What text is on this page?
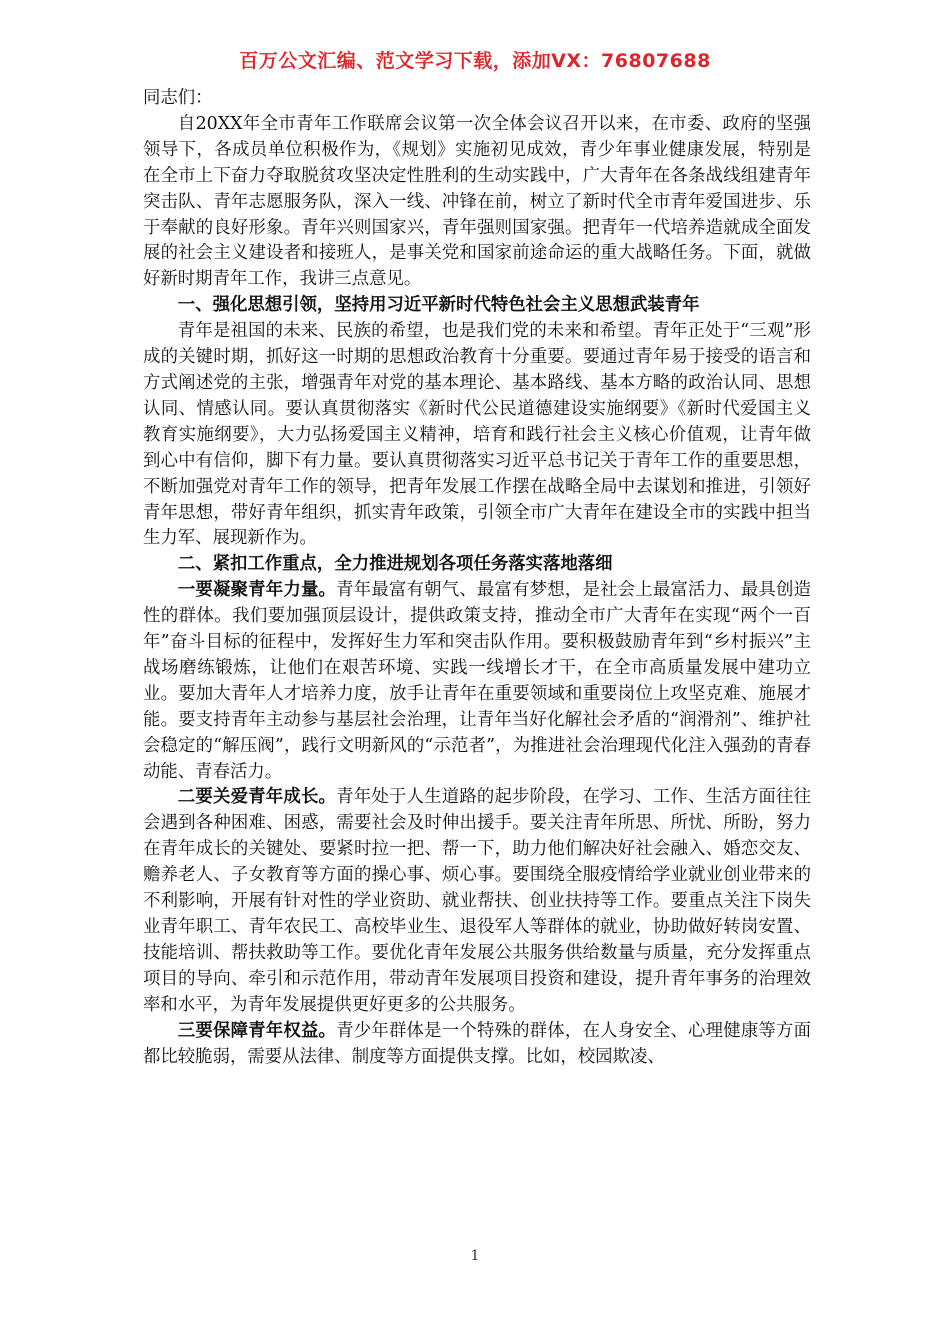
百万公文汇编、范文学习下载，添加VX：76807688

同志们：

自20XX年全市青年工作联席会议第一次全体会议召开以来，在市委、政府的坚强领导下，各成员单位积极作为，《规划》实施初见成效，青少年事业健康发展，特别是在全市上下奋力夺取脱贫攻坚决定性胜利的生动实践中，广大青年在各条战线组建青年突击队、青年志愿服务队，深入一线、冲锋在前，树立了新时代全市青年爱国进步、乐于奉献的良好形象。青年兴则国家兴，青年强则国家强。把青年一代培养造就成全面发展的社会主义建设者和接班人，是事关党和国家前途命运的重大战略任务。下面，就做好新时期青年工作，我讲三点意见。

一、强化思想引领，坚持用习近平新时代特色社会主义思想武装青年

青年是祖国的未来、民族的希望，也是我们党的未来和希望。青年正处于“三观”形成的关键时期，抓好这一时期的思想政治教育十分重要。要通过青年易于接受的语言和方式阐述党的主张，增强青年对党的基本理论、基本路线、基本方略的政治认同、思想认同、情感认同。要认真贯彻落实《新时代公民道德建设实施纲要》《新时代爱国主义教育实施纲要》，大力弘扬爱国主义精神，培育和践行社会主义核心价值观，让青年做到心中有信仰，脚下有力量。要认真贯彻落实习近平总书记关于青年工作的重要思想，不断加强党对青年工作的领导，把青年发展工作摆在战略全局中去谋划和推进，引领好青年思想，带好青年组织，抓实青年政策，引领全市广大青年在建设全市的实践中担当生力军、展现新作为。

二、紧扣工作重点，全力推进规划各项任务落实落地落细

一要凝聚青年力量。青年最富有朝气、最富有梦想，是社会上最富活力、最具创造性的群体。我们要加强顶层设计，提供政策支持，推动全市广大青年在实现“两个一百年”奋斗目标的征程中，发挥好生力军和突击队作用。要积极鼓励青年到“乡村振兴”主战场磨练锻炼，让他们在艰苦环境、实践一线增长才干，在全市高质量发展中建功立业。要加大青年人才培养力度，放手让青年在重要领域和重要岗位上攻坚克难、施展才能。要支持青年主动参与基层社会治理，让青年当好化解社会矛盾的“润滑剂”、维护社会稳定的“解压阀”，践行文明新风的“示范者”，为推进社会治理现代化注入强劲的青春动能、青春活力。

二要关爱青年成长。青年处于人生道路的起步阶段，在学习、工作、生活方面往往会遇到各种困难、困惑，需要社会及时伸出援手。要关注青年所思、所忧、所盼，努力在青年成长的关键处、要紧时拉一把、帮一下，助力他们解决好社会融入、婚恋交友、赡养老人、子女教育等方面的操心事、烦心事。要围绕全服疫情给学业就业创业带来的不利影响，开展有针对性的学业资助、就业帮扶、创业扶持等工作。要重点关注下岗失业青年职工、青年农民工、高校毕业生、退役军人等群体的就业，协助做好转岗安置、技能培训、帮扶救助等工作。要优化青年发展公共服务供给数量与质量，充分发挥重点项目的导向、牵引和示范作用，带动青年发展项目投资和建设，提升青年事务的治理效率和水平，为青年发展提供更好更多的公共服务。

三要保障青年权益。青少年群体是一个特殊的群体，在人身安全、心理健康等方面都比较脆弱，需要从法律、制度等方面提供支撑。比如，校园欺凌、

1
